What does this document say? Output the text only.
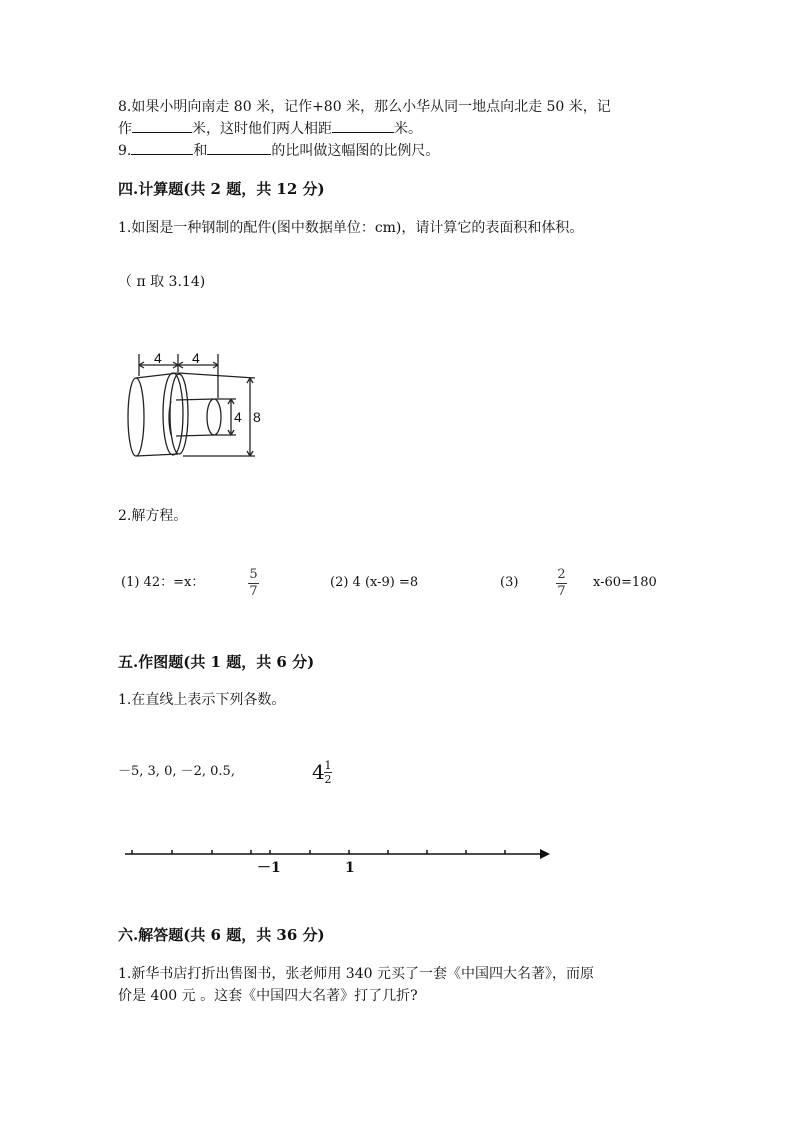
8.如果小明向南走 80 米，记作+80 米，那么小华从同一地点向北走 50 米，记
作	米，这时他们两人相距	米。
9.	和	的比叫做这幅图的比例尺。
四.计算题(共 2 题，共 12 分)
1.如图是一种钢制的配件(图中数据单位：cm)，请计算它的表面积和体积。
（ π 取 3.14)
4 4
4 8
2.解方程。
(1) 42：=x：
5
7
(2) 4 (x-9) =8	(3)
2
7
x-60=180
五.作图题(共 1 题，共 6 分)
1.在直线上表示下列各数。
－5, 3, 0, －2, 0.5,	4 1
2
－1	1
六.解答题(共 6 题，共 36 分)
1.新华书店打折出售图书，张老师用 340 元买了一套《中国四大名著》，而原
价是 400 元 。这套《中国四大名著》打了几折?
